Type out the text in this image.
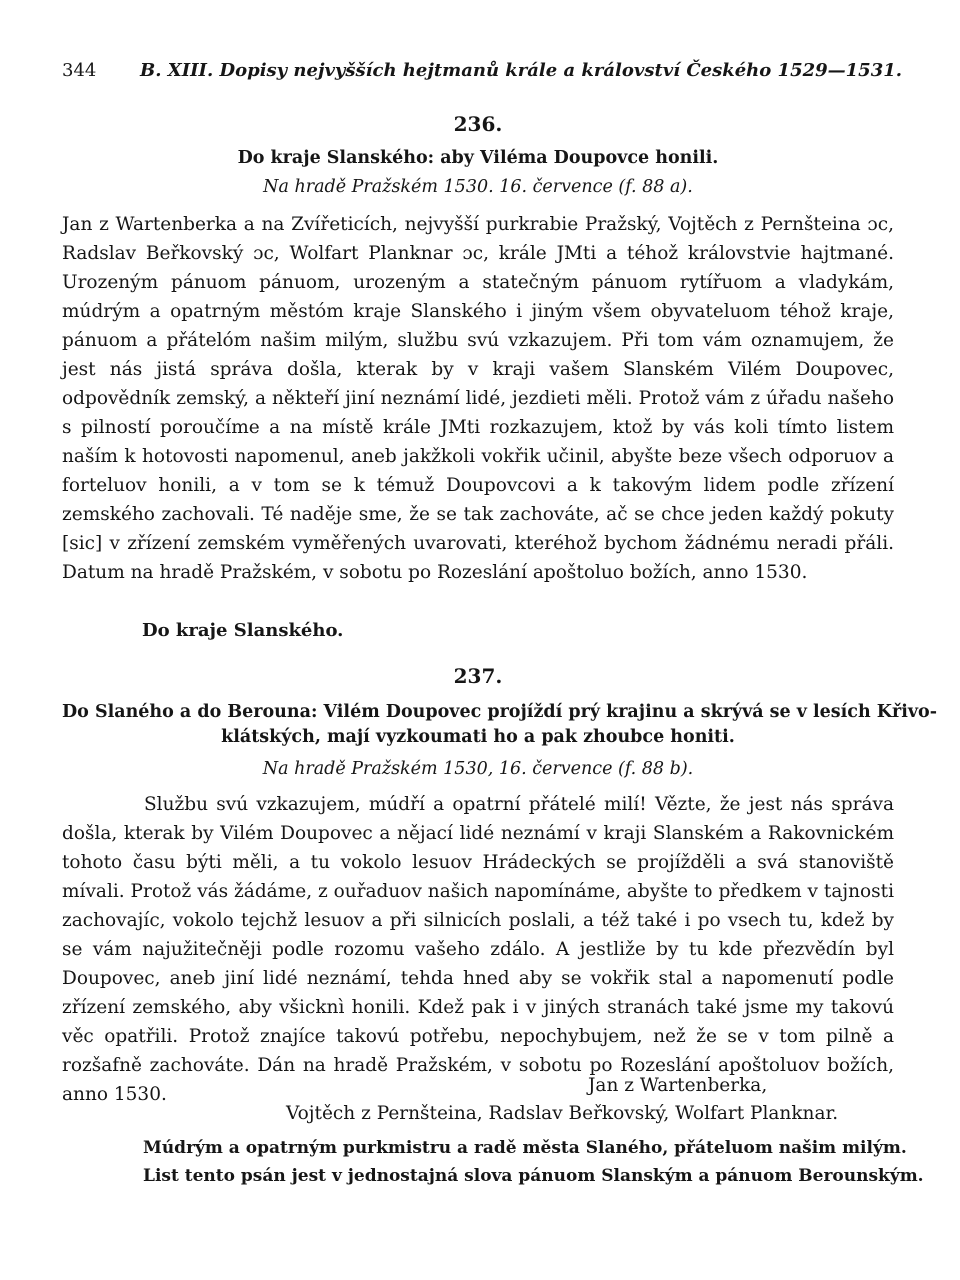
344 B. XIII. Dopisy nejvyšších hejtmanů krále a království Českého 1529—1531.
236.
Do kraje Slanského: aby Viléma Doupovce honili.
Na hradě Pražském 1530. 16. července (f. 88 a).

Jan z Wartenberka a na Zvířeticích, nejvyšší purkrabie Pražský, Vojtěch z Pernšteina ɔc, Radslav Beřkovský ɔc, Wolfart Planknar ɔc, krále JMti a téhož královstvie hajtmané. Urozeným pánuom pánuom, urozeným a statečným pánuom rytířuom a vladykám, múdrým a opatrným městóm kraje Slanského i jiným všem obyvateluom téhož kraje, pánuom a přátelóm našim milým, službu svú vzkazujem. Při tom vám oznamujem, že jest nás jistá správa došla, kterak by v kraji vašem Slanském Vilém Doupovec, odpovědník zemský, a někteří jiní neznámí lidé, jezdieti měli. Protož vám z úřadu našeho s pilností poroučíme a na místě krále JMti rozkazujem, ktož by vás koli tímto listem naším k hotovosti napomenul, aneb jakžkoli vokřik učinil, abyšte beze všech odporuov a forteluov honili, a v tom se k témuž Doupovcovi a k takovým lidem podle zřízení zemského zachovali. Té naděje sme, že se tak zachováte, ač se chce jeden každý pokuty [sic] v zřízení zemském vyměřených uvarovati, kteréhož bychom žádnému neradi přáli. Datum na hradě Pražském, v sobotu po Rozeslání apoštoluo božích, anno 1530.

Do kraje Slanského.
237.
Do Slaného a do Berouna: Vilém Doupovec projíždí prý krajinu a skrývá se v lesích Křivo-
klátských, mají vyzkoumati ho a pak zhoubce honiti.
Na hradě Pražském 1530, 16. července (f. 88 b).

Službu svú vzkazujem, múdří a opatrní přátelé milí! Vězte, že jest nás správa došla, kterak by Vilém Doupovec a nějací lidé neznámí v kraji Slanském a Rakovnickém tohoto času býti měli, a tu vokolo lesuov Hrádeckých se projížděli a svá stanoviště mívali. Protož vás žádáme, z ouřaduov našich napomínáme, abyšte to předkem v tajnosti zachovajíc, vokolo tejchž lesuov a při silnicích poslali, a též také i po vsech tu, kdež by se vám najužitečněji podle rozomu vašeho zdálo. A jestliže by tu kde přezvědín byl Doupovec, aneb jiní lidé neznámí, tehda hned aby se vokřik stal a napomenutí podle zřízení zemského, aby všicknì honili. Kdež pak i v jiných stranách také jsme my takovú věc opatřili. Protož znajíce takovú potřebu, nepochybujem, než že se v tom pilně a rozšafně zachováte. Dán na hradě Pražském, v sobotu po Rozeslání apoštoluov božích, anno 1530.	Jan z Wartenberka,
Vojtěch z Pernšteina, Radslav Beřkovský, Wolfart Planknar.
Múdrým a opatrným purkmistru a radě města Slaného, přáteluom našim milým.
List tento psán jest v jednostajná slova pánuom Slanským a pánuom Berounským.
